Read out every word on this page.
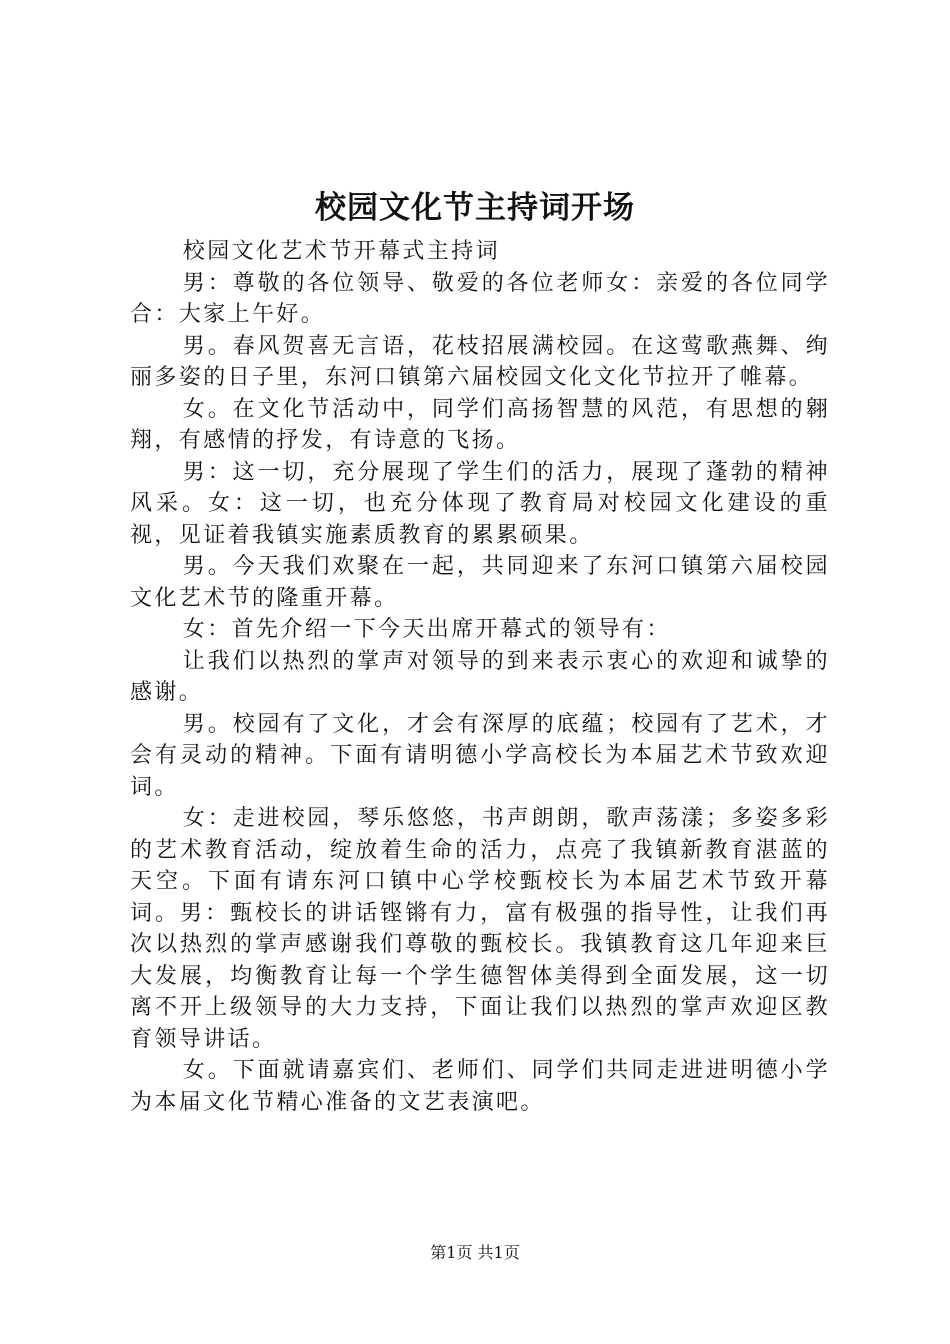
校园文化节主持词开场

校园文化艺术节开幕式主持词

男：尊敬的各位领导、敬爱的各位老师女：亲爱的各位同学合：大家上午好。

男。春风贺喜无言语，花枝招展满校园。在这莺歌燕舞、绚丽多姿的日子里，东河口镇第六届校园文化文化节拉开了帷幕。

女。在文化节活动中，同学们高扬智慧的风范，有思想的翱翔，有感情的抒发，有诗意的飞扬。

男：这一切，充分展现了学生们的活力，展现了蓬勃的精神风采。女：这一切，也充分体现了教育局对校园文化建设的重视，见证着我镇实施素质教育的累累硕果。

男。今天我们欢聚在一起，共同迎来了东河口镇第六届校园文化艺术节的隆重开幕。

女：首先介绍一下今天出席开幕式的领导有：

让我们以热烈的掌声对领导的到来表示衷心的欢迎和诚挚的感谢。

男。校园有了文化，才会有深厚的底蕴；校园有了艺术，才会有灵动的精神。下面有请明德小学高校长为本届艺术节致欢迎词。

女：走进校园，琴乐悠悠，书声朗朗，歌声荡漾；多姿多彩的艺术教育活动，绽放着生命的活力，点亮了我镇新教育湛蓝的天空。下面有请东河口镇中心学校甄校长为本届艺术节致开幕词。男：甄校长的讲话铿锵有力，富有极强的指导性，让我们再次以热烈的掌声感谢我们尊敬的甄校长。我镇教育这几年迎来巨大发展，均衡教育让每一个学生德智体美得到全面发展，这一切离不开上级领导的大力支持，下面让我们以热烈的掌声欢迎区教育领导讲话。

女。下面就请嘉宾们、老师们、同学们共同走进进明德小学为本届文化节精心准备的文艺表演吧。

第1页 共1页
